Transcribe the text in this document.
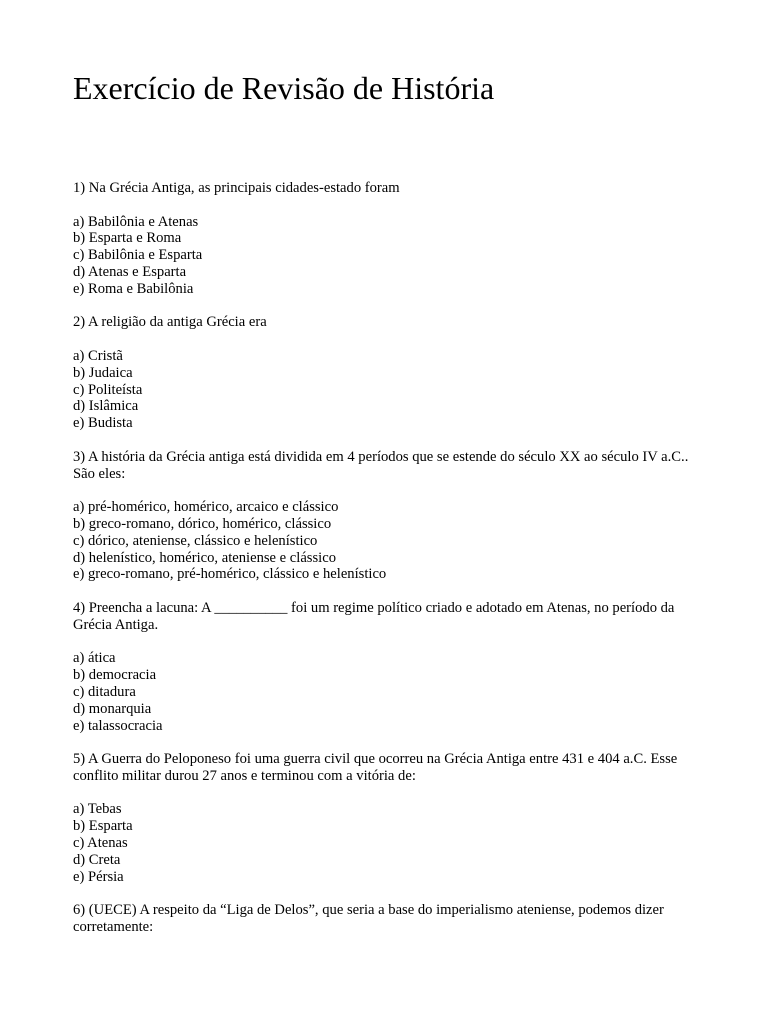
Exercício de Revisão de História

1) Na Grécia Antiga, as principais cidades-estado foram

a) Babilônia e Atenas
b) Esparta e Roma
c) Babilônia e Esparta
d) Atenas e Esparta
e) Roma e Babilônia

2) A religião da antiga Grécia era

a) Cristã
b) Judaica
c) Politeísta
d) Islâmica
e) Budista

3) A história da Grécia antiga está dividida em 4 períodos que se estende do século XX ao século IV a.C.. São eles:

a) pré-homérico, homérico, arcaico e clássico
b) greco-romano, dórico, homérico, clássico
c) dórico, ateniense, clássico e helenístico
d) helenístico, homérico, ateniense e clássico
e) greco-romano, pré-homérico, clássico e helenístico

4) Preencha a lacuna: A __________ foi um regime político criado e adotado em Atenas, no período da Grécia Antiga.

a) ática
b) democracia
c) ditadura
d) monarquia
e) talassocracia

5) A Guerra do Peloponeso foi uma guerra civil que ocorreu na Grécia Antiga entre 431 e 404 a.C. Esse conflito militar durou 27 anos e terminou com a vitória de:

a) Tebas
b) Esparta
c) Atenas
d) Creta
e) Pérsia

6) (UECE) A respeito da “Liga de Delos”, que seria a base do imperialismo ateniense, podemos dizer corretamente:
